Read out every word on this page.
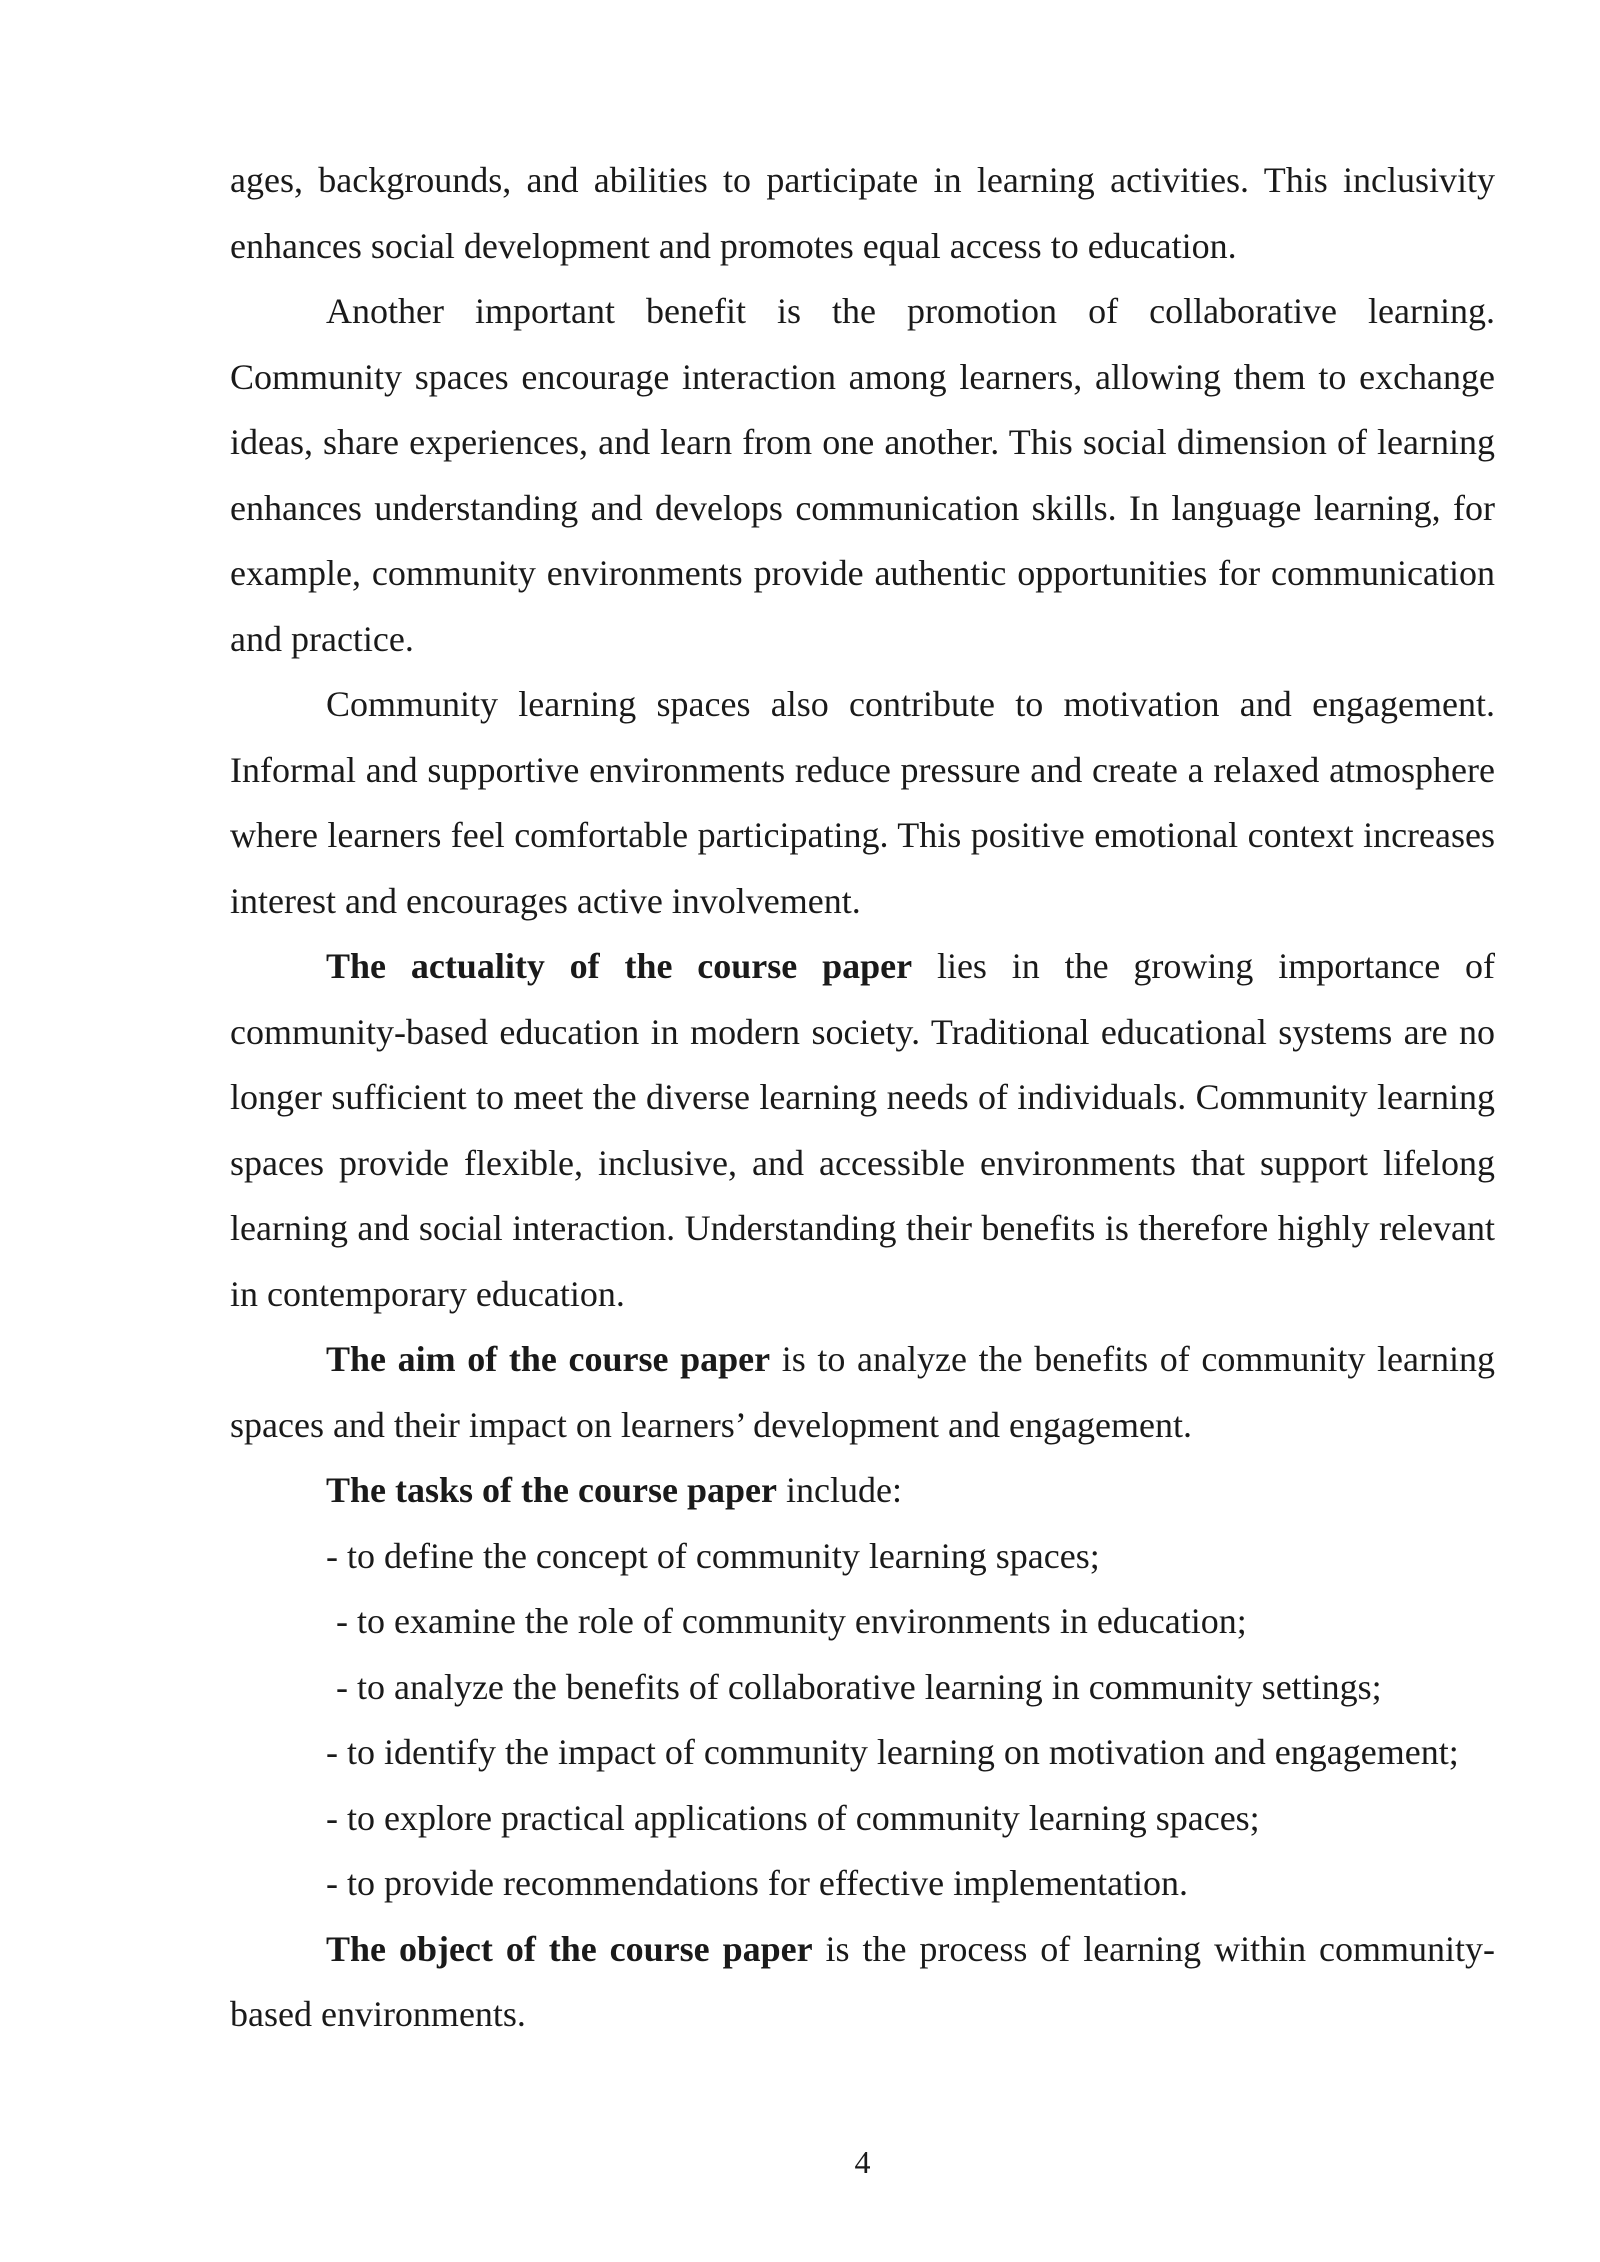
ages, backgrounds, and abilities to participate in learning activities. This inclusivity enhances social development and promotes equal access to education.

Another important benefit is the promotion of collaborative learning. Community spaces encourage interaction among learners, allowing them to exchange ideas, share experiences, and learn from one another. This social dimension of learning enhances understanding and develops communication skills. In language learning, for example, community environments provide authentic opportunities for communication and practice.

Community learning spaces also contribute to motivation and engagement. Informal and supportive environments reduce pressure and create a relaxed atmosphere where learners feel comfortable participating. This positive emotional context increases interest and encourages active involvement.

The actuality of the course paper lies in the growing importance of community-based education in modern society. Traditional educational systems are no longer sufficient to meet the diverse learning needs of individuals. Community learning spaces provide flexible, inclusive, and accessible environments that support lifelong learning and social interaction. Understanding their benefits is therefore highly relevant in contemporary education.

The aim of the course paper is to analyze the benefits of community learning spaces and their impact on learners’ development and engagement.

The tasks of the course paper include:

- to define the concept of community learning spaces;

- to examine the role of community environments in education;

- to analyze the benefits of collaborative learning in community settings;

- to identify the impact of community learning on motivation and engagement;

- to explore practical applications of community learning spaces;

- to provide recommendations for effective implementation.

The object of the course paper is the process of learning within community-based environments.

4
